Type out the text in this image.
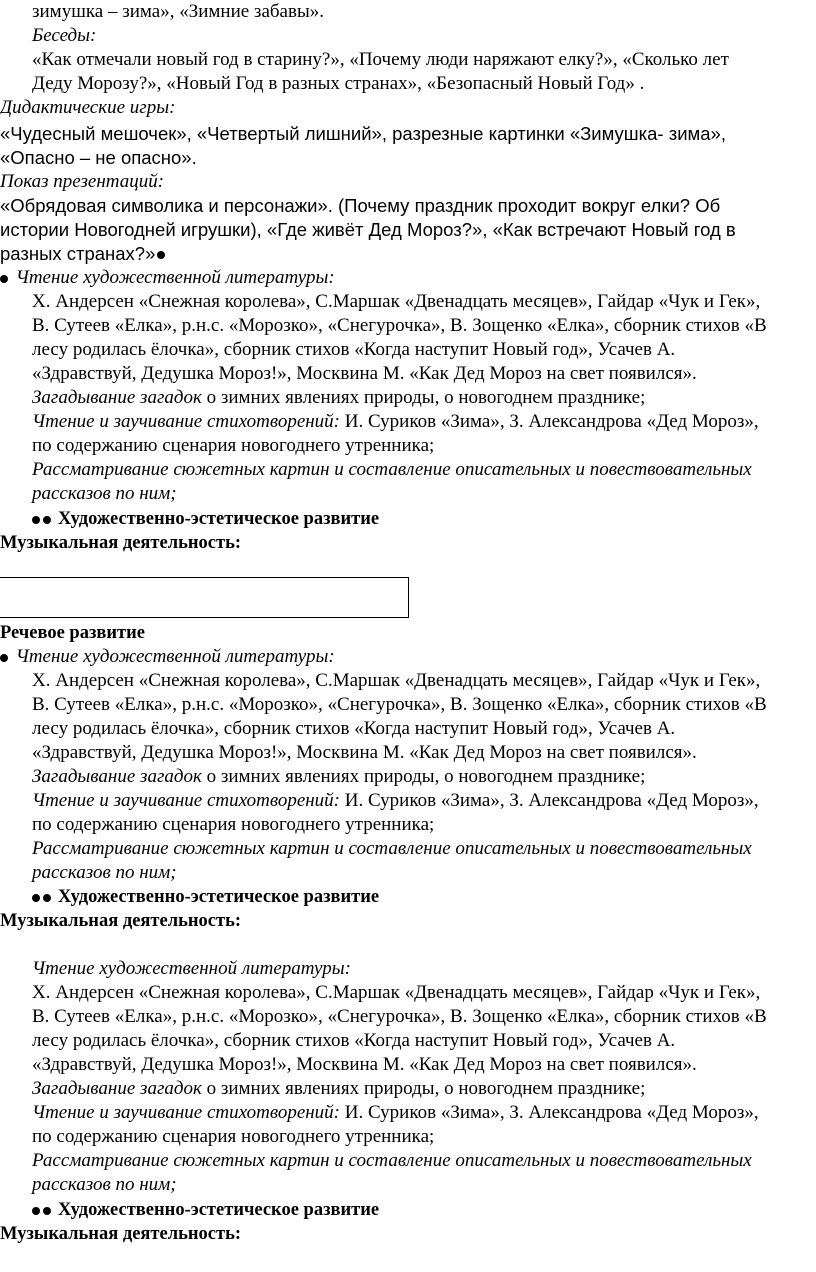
зимушка – зима», «Зимние забавы».

Беседы:

«Как отмечали новый год в старину?», «Почему люди наряжают елку?», «Сколько лет

Деду Морозу?», «Новый Год в разных странах», «Безопасный Новый Год» .

Дидактические игры:

«Чудесный мешочек», «Четвертый лишний», разрезные картинки «Зимушка- зима»,

«Опасно – не опасно».

Показ презентаций:

«Обрядовая символика и персонажи». (Почему праздник проходит вокруг елки? Об

истории Новогодней игрушки), «Где живёт Дед Мороз?», «Как встречают Новый год в

разных странах?»

Чтение художественной литературы:

Х. Андерсен «Снежная королева», С.Маршак «Двенадцать месяцев», Гайдар «Чук и Гек»,

В. Сутеев «Елка», р.н.с. «Морозко», «Снегурочка», В. Зощенко «Елка», сборник стихов «В

лесу родилась ёлочка», сборник стихов «Когда наступит Новый год», Усачев А.

«Здравствуй, Дедушка Мороз!», Москвина М. «Как Дед Мороз на свет появился».

Загадывание загадок о зимних явлениях природы, о новогоднем празднике;

Чтение и заучивание стихотворений: И. Суриков «Зима», З. Александрова «Дед Мороз»,

по содержанию сценария новогоднего утренника;

Рассматривание сюжетных картин и составление описательных и повествовательных

рассказов по ним;

Художественно-эстетическое развитие

Музыкальная деятельность:

Речевое развитие

Чтение художественной литературы:

Х. Андерсен «Снежная королева», С.Маршак «Двенадцать месяцев», Гайдар «Чук и Гек»,

В. Сутеев «Елка», р.н.с. «Морозко», «Снегурочка», В. Зощенко «Елка», сборник стихов «В

лесу родилась ёлочка», сборник стихов «Когда наступит Новый год», Усачев А.

«Здравствуй, Дедушка Мороз!», Москвина М. «Как Дед Мороз на свет появился».

Загадывание загадок о зимних явлениях природы, о новогоднем празднике;

Чтение и заучивание стихотворений: И. Суриков «Зима», З. Александрова «Дед Мороз»,

по содержанию сценария новогоднего утренника;

Рассматривание сюжетных картин и составление описательных и повествовательных

рассказов по ним;

Художественно-эстетическое развитие

Музыкальная деятельность:

Чтение художественной литературы:

Х. Андерсен «Снежная королева», С.Маршак «Двенадцать месяцев», Гайдар «Чук и Гек»,

В. Сутеев «Елка», р.н.с. «Морозко», «Снегурочка», В. Зощенко «Елка», сборник стихов «В

лесу родилась ёлочка», сборник стихов «Когда наступит Новый год», Усачев А.

«Здравствуй, Дедушка Мороз!», Москвина М. «Как Дед Мороз на свет появился».

Загадывание загадок о зимних явлениях природы, о новогоднем празднике;

Чтение и заучивание стихотворений: И. Суриков «Зима», З. Александрова «Дед Мороз»,

по содержанию сценария новогоднего утренника;

Рассматривание сюжетных картин и составление описательных и повествовательных

рассказов по ним;

Художественно-эстетическое развитие

Музыкальная деятельность:
